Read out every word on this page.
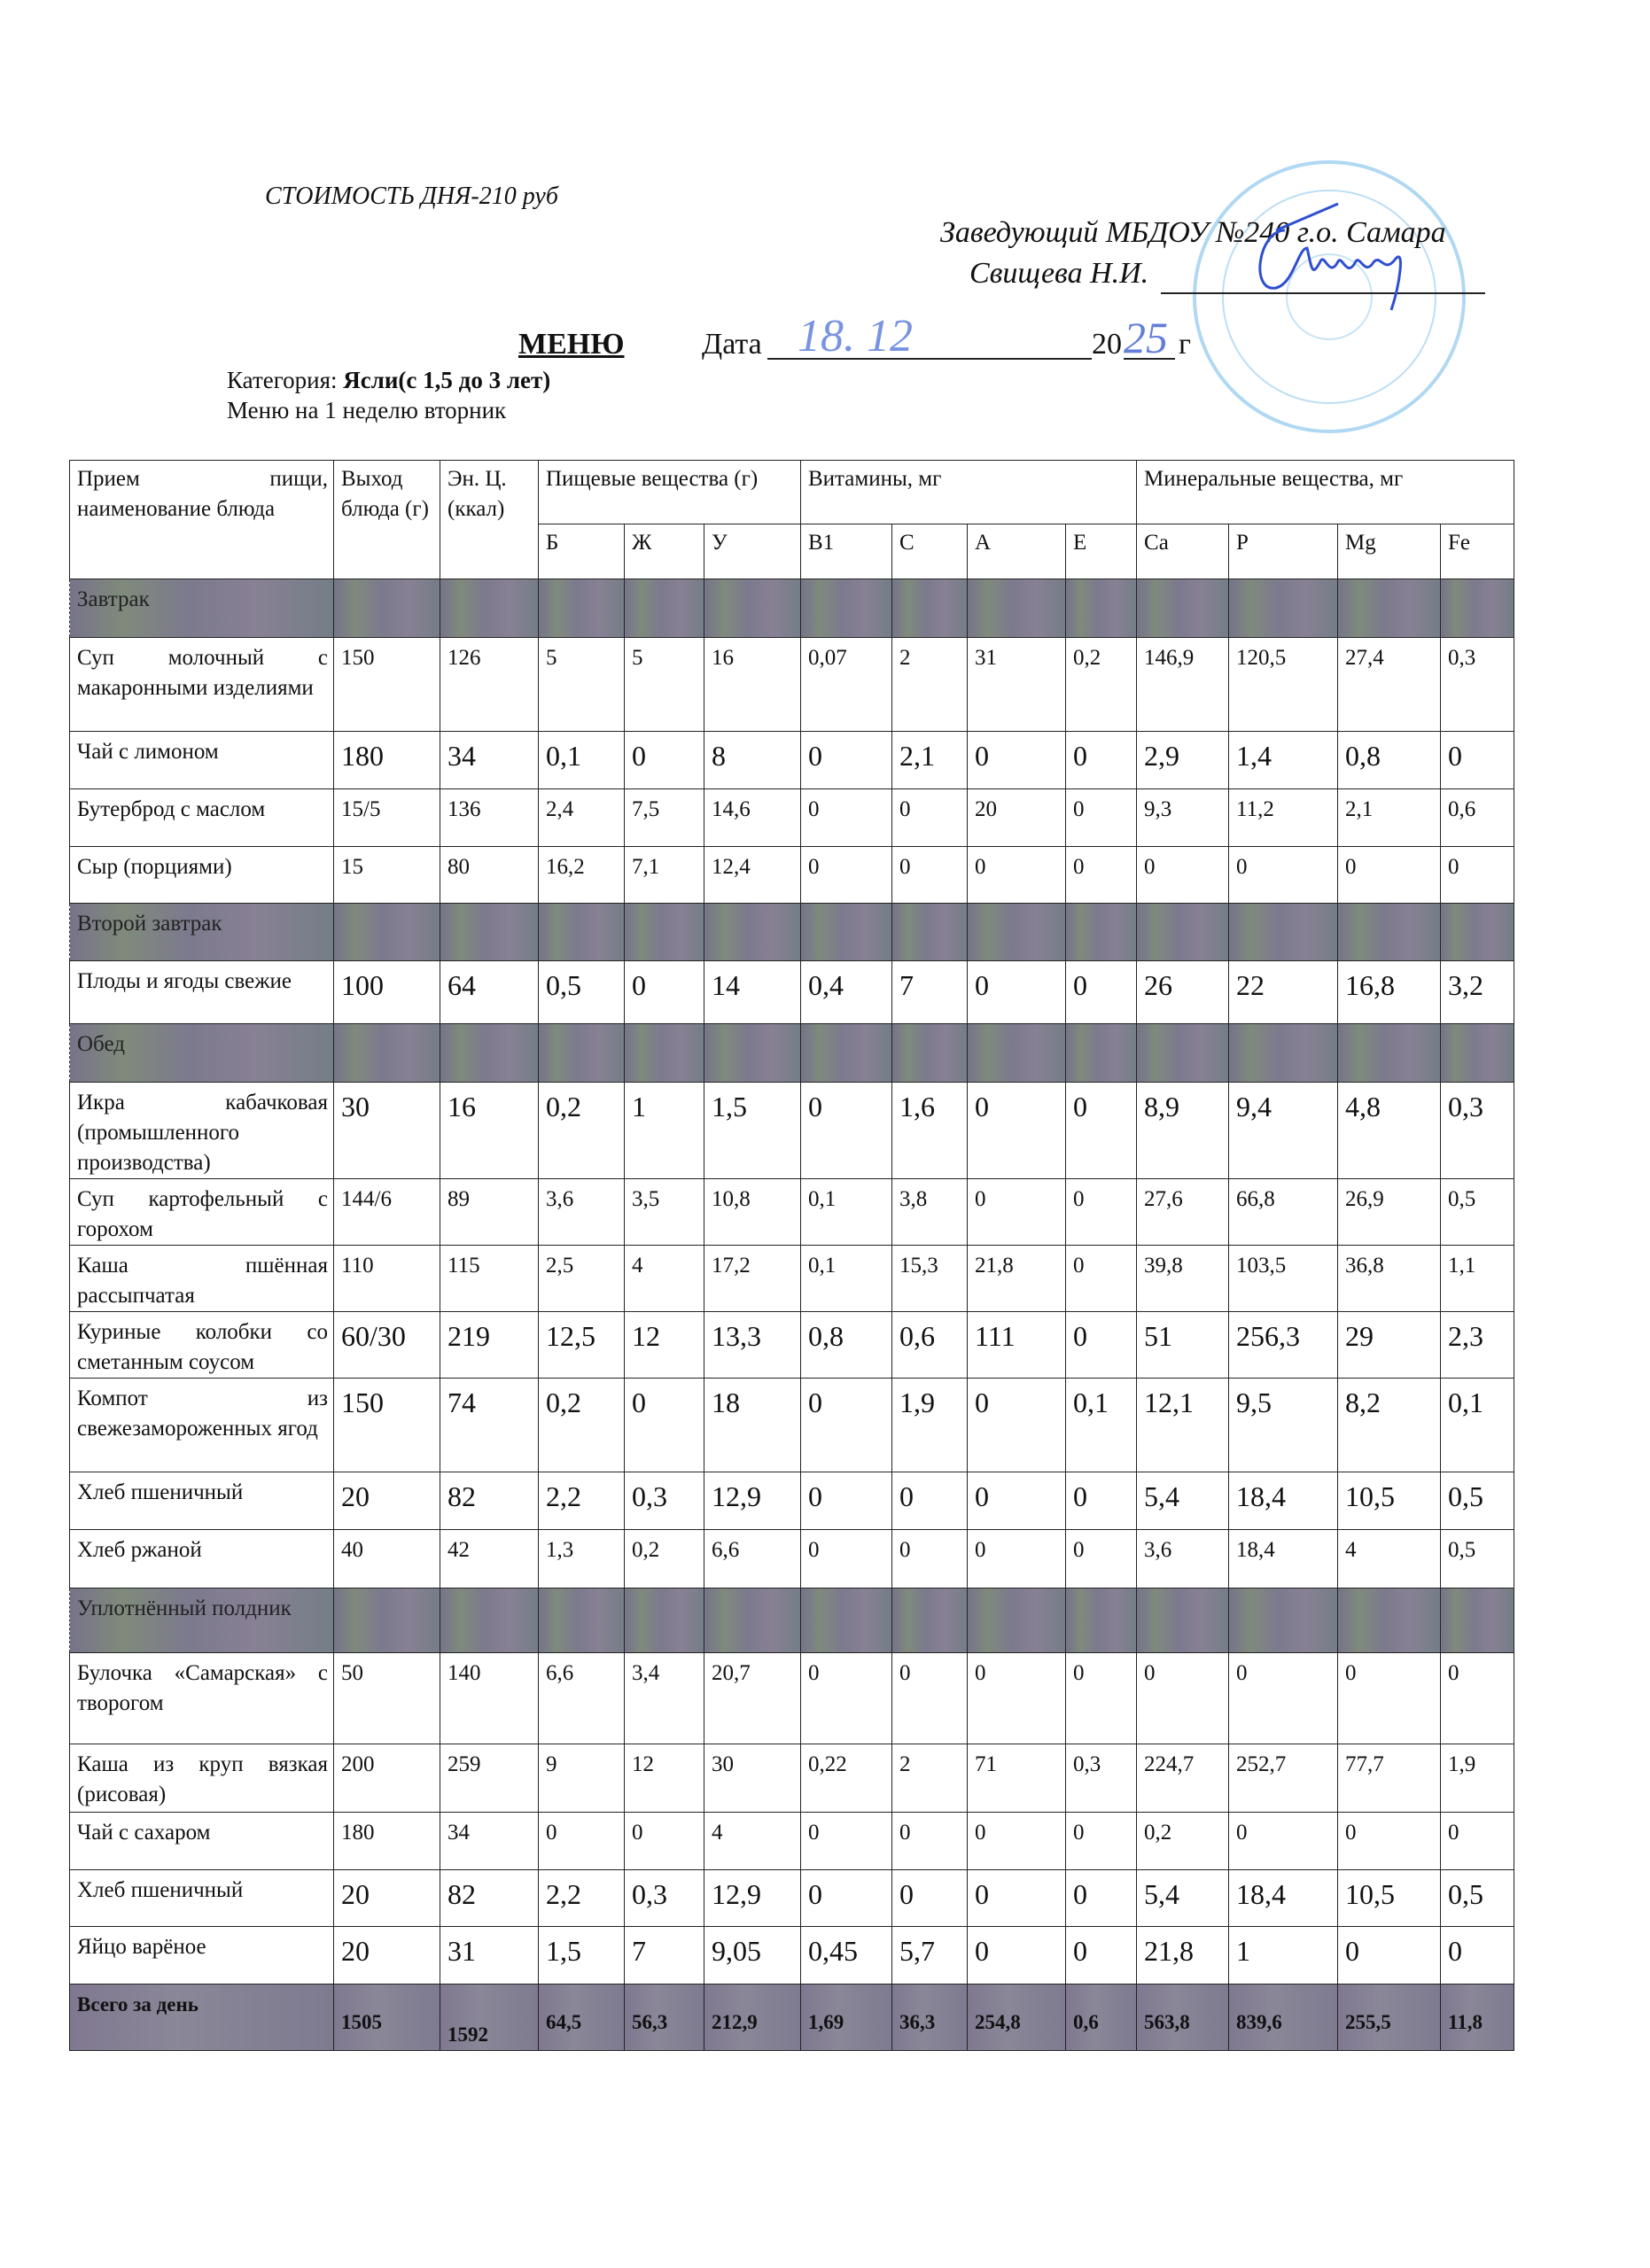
СТОИМОСТЬ ДНЯ-210 руб
Заведующий МБДОУ №240 г.о. Самара
Свищева Н.И.
МЕНЮ	Дата 18. 12	20 25 г
Категория: Ясли(с 1,5 до 3 лет)
Меню на 1 неделю вторник
Прием пищи, наименование блюда	Выход блюда (г)	Эн. Ц. (ккал)	Пищевые вещества (г)			Витамины, мг				Минеральные вещества, мг			
			Б	Ж	У	B1	C	A	E	Ca	P	Mg	Fe
Завтрак													
Суп молочный с макаронными изделиями	150	126	5	5	16	0,07	2	31	0,2	146,9	120,5	27,4	0,3
Чай с лимоном	180	34	0,1	0	8	0	2,1	0	0	2,9	1,4	0,8	0
Бутерброд с маслом	15/5	136	2,4	7,5	14,6	0	0	20	0	9,3	11,2	2,1	0,6
Сыр (порциями)	15	80	16,2	7,1	12,4	0	0	0	0	0	0	0	0
Второй завтрак													
Плоды и ягоды свежие	100	64	0,5	0	14	0,4	7	0	0	26	22	16,8	3,2
Обед													
Икра кабачковая (промышленного производства)	30	16	0,2	1	1,5	0	1,6	0	0	8,9	9,4	4,8	0,3
Суп картофельный с горохом	144/6	89	3,6	3,5	10,8	0,1	3,8	0	0	27,6	66,8	26,9	0,5
Каша пшённая рассыпчатая	110	115	2,5	4	17,2	0,1	15,3	21,8	0	39,8	103,5	36,8	1,1
Куриные колобки со сметанным соусом	60/30	219	12,5	12	13,3	0,8	0,6	111	0	51	256,3	29	2,3
Компот из свежезамороженных ягод	150	74	0,2	0	18	0	1,9	0	0,1	12,1	9,5	8,2	0,1
Хлеб пшеничный	20	82	2,2	0,3	12,9	0	0	0	0	5,4	18,4	10,5	0,5
Хлеб ржаной	40	42	1,3	0,2	6,6	0	0	0	0	3,6	18,4	4	0,5
Уплотнённый полдник													
Булочка «Самарская» с творогом	50	140	6,6	3,4	20,7	0	0	0	0	0	0	0	0
Каша из круп вязкая (рисовая)	200	259	9	12	30	0,22	2	71	0,3	224,7	252,7	77,7	1,9
Чай с сахаром	180	34	0	0	4	0	0	0	0	0,2	0	0	0
Хлеб пшеничный	20	82	2,2	0,3	12,9	0	0	0	0	5,4	18,4	10,5	0,5
Яйцо варёное	20	31	1,5	7	9,05	0,45	5,7	0	0	21,8	1	0	0
Всего за день	1505	1592	64,5	56,3	212,9	1,69	36,3	254,8	0,6	563,8	839,6	255,5	11,8
